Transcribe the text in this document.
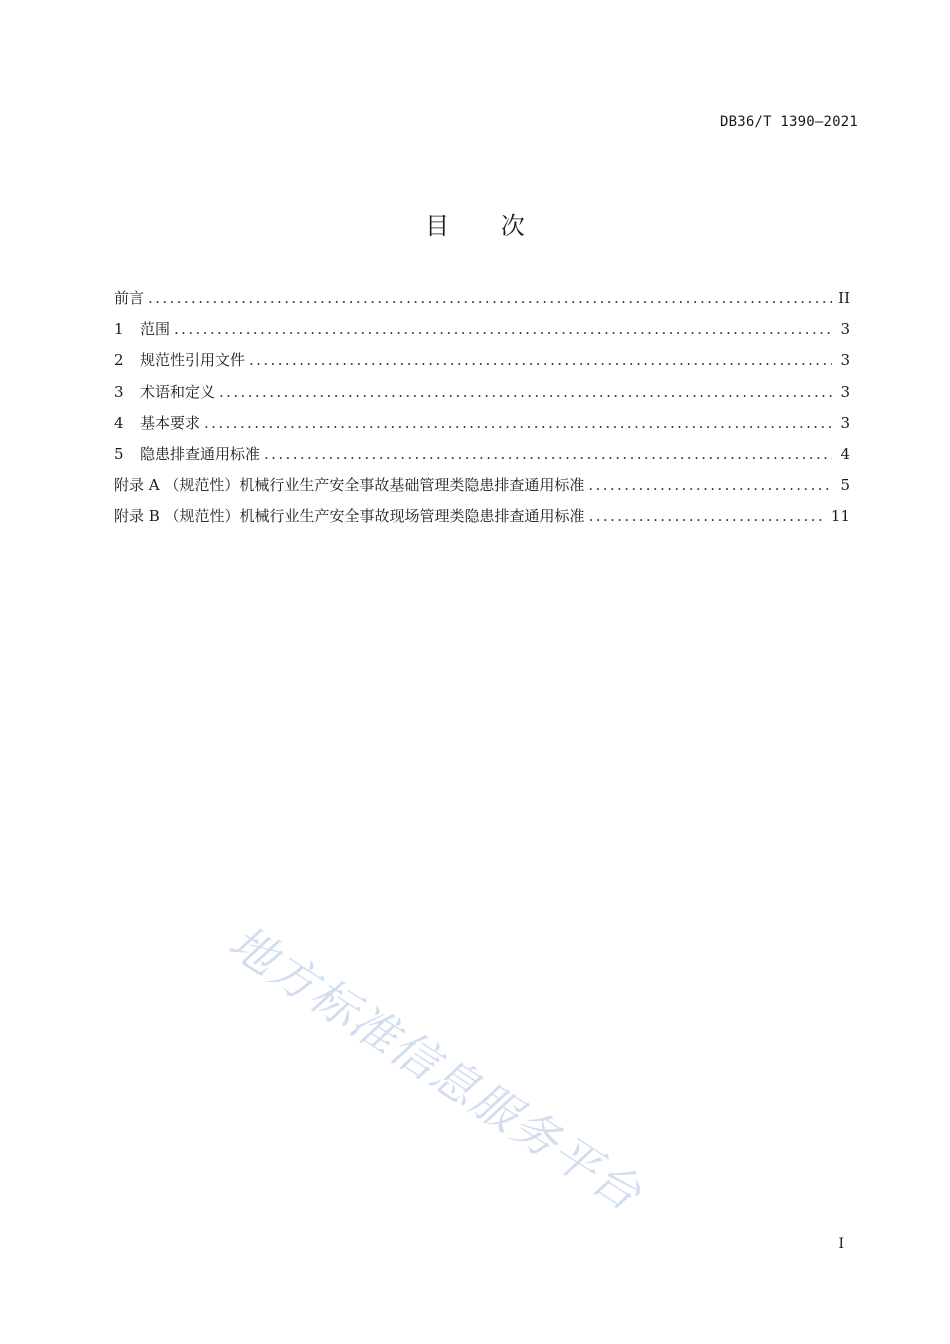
DB36/T 1390—2021
目 次
前言 .....	II
1	范围 .....	3
2	规范性引用文件 .....	3
3	术语和定义 .....	3
4	基本要求 .....	3
5	隐患排查通用标准 .....	4
附录 A （规范性）机械行业生产安全事故基础管理类隐患排查通用标准 .....	5
附录 B （规范性）机械行业生产安全事故现场管理类隐患排查通用标准 .....	11
地方标准信息服务平台
I
